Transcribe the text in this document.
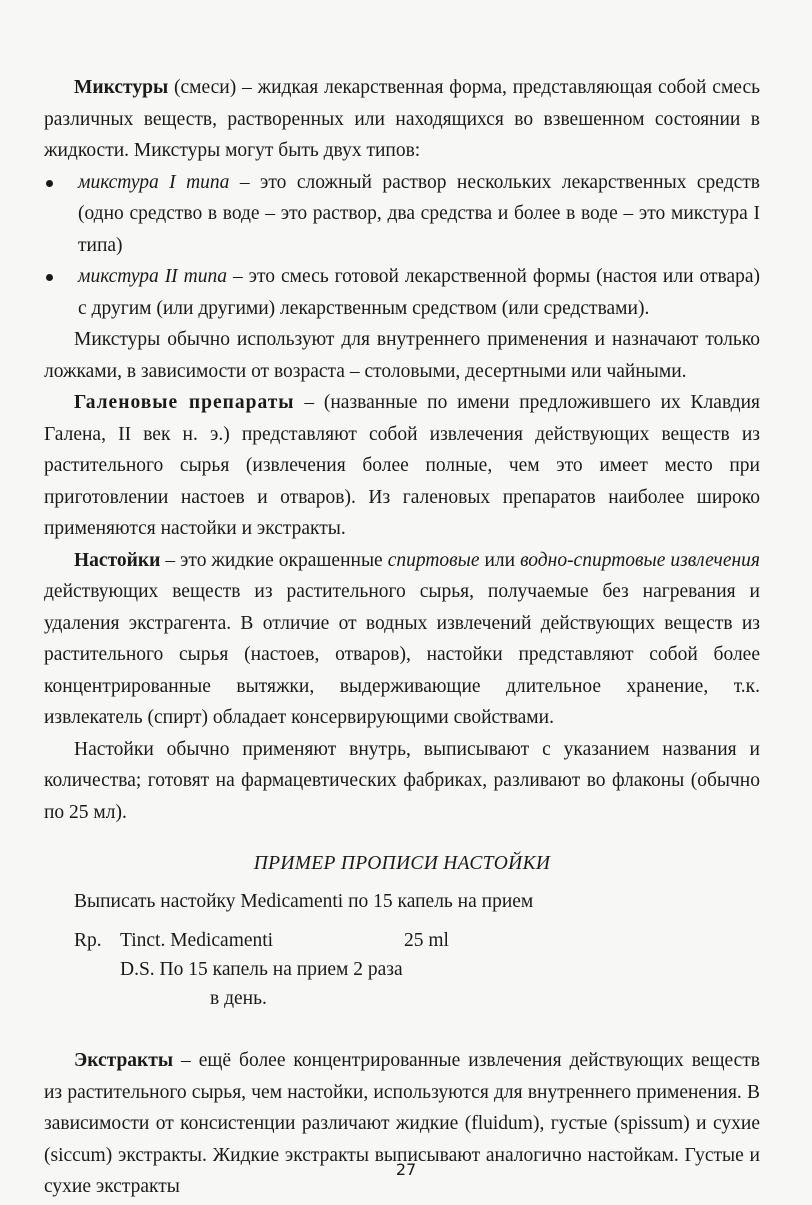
Микстуры (смеси) – жидкая лекарственная форма, представляющая собой смесь различных веществ, растворенных или находящихся во взвешенном состоянии в жидкости. Микстуры могут быть двух типов:

микстура I типа – это сложный раствор нескольких лекарственных средств (одно средство в воде – это раствор, два средства и более в воде – это микстура I типа)
микстура II типа – это смесь готовой лекарственной формы (настоя или отвара) с другим (или другими) лекарственным средством (или средствами).

Микстуры обычно используют для внутреннего применения и назначают только ложками, в зависимости от возраста – столовыми, десертными или чайными.

Галеновые препараты – (названные по имени предложившего их Клавдия Галена, II век н. э.) представляют собой извлечения действующих веществ из растительного сырья (извлечения более полные, чем это имеет место при приготовлении настоев и отваров). Из галеновых препаратов наиболее широко применяются настойки и экстракты.

Настойки – это жидкие окрашенные спиртовые или водно-спиртовые извлечения действующих веществ из растительного сырья, получаемые без нагревания и удаления экстрагента. В отличие от водных извлечений действующих веществ из растительного сырья (настоев, отваров), настойки представляют собой более концентрированные вытяжки, выдерживающие длительное хранение, т.к. извлекатель (спирт) обладает консервирующими свойствами.

Настойки обычно применяют внутрь, выписывают с указанием названия и количества; готовят на фармацевтических фабриках, разливают во флаконы (обычно по 25 мл).

ПРИМЕР ПРОПИСИ НАСТОЙКИ

Выписать настойку Medicamenti по 15 капель на прием

Rp. Tinct. Medicamenti	25 ml
D.S. По 15 капель на прием 2 раза
в день.

Экстракты – ещё более концентрированные извлечения действующих веществ из растительного сырья, чем настойки, используются для внутреннего применения. В зависимости от консистенции различают жидкие (fluidum), густые (spissum) и сухие (siccum) экстракты. Жидкие экстракты выписывают аналогично настойкам. Густые и сухие экстракты

27
